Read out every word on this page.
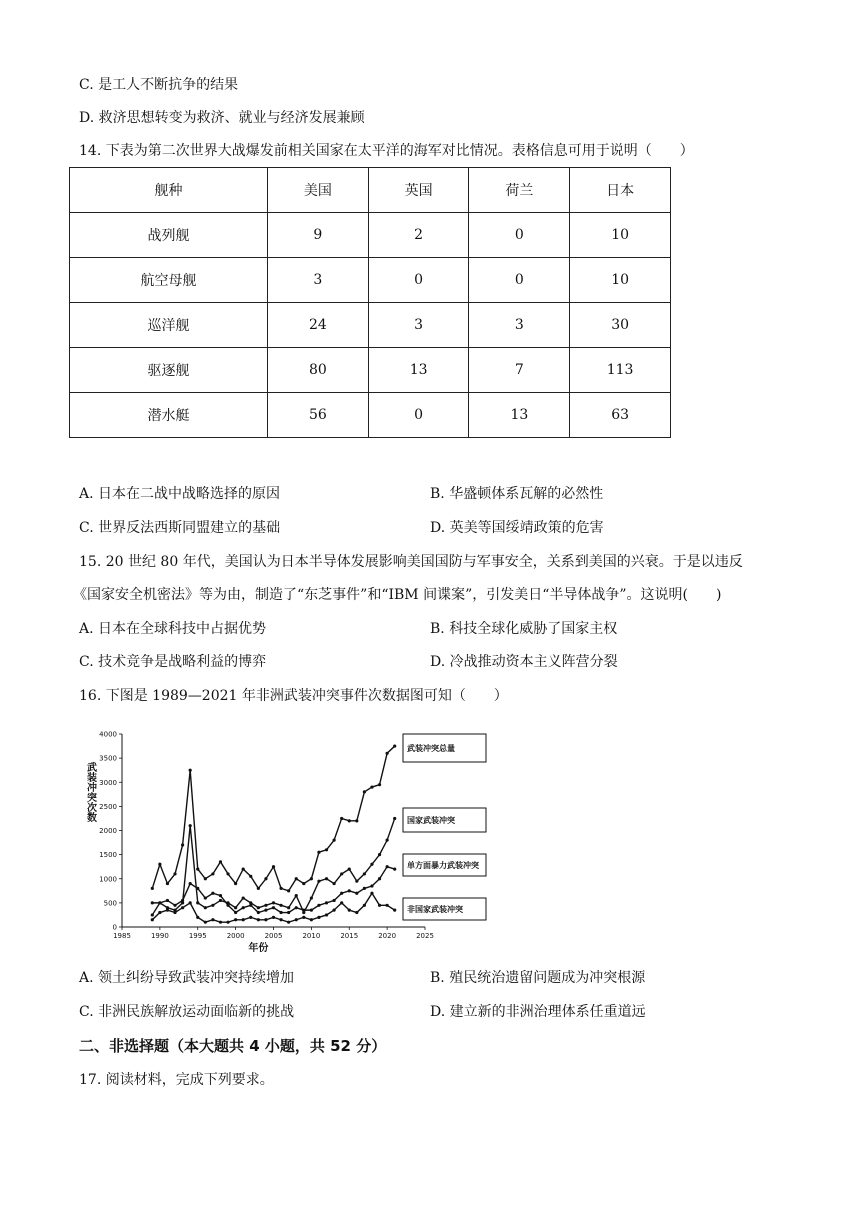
C. 是工人不断抗争的结果
D. 救济思想转变为救济、就业与经济发展兼顾
14. 下表为第二次世界大战爆发前相关国家在太平洋的海军对比情况。表格信息可用于说明（　　）
舰种	美国	英国	荷兰	日本
战列舰	9	2	0	10
航空母舰	3	0	0	10
巡洋舰	24	3	3	30
驱逐舰	80	13	7	113
潜水艇	56	0	13	63
A. 日本在二战中战略选择的原因	B. 华盛顿体系瓦解的必然性
C. 世界反法西斯同盟建立的基础	D. 英美等国绥靖政策的危害
15. 20 世纪 80 年代，美国认为日本半导体发展影响美国国防与军事安全，关系到美国的兴衰。于是以违反
《国家安全机密法》等为由，制造了“东芝事件”和“IBM 间谍案”，引发美日“半导体战争”。这说明(　　)
A. 日本在全球科技中占据优势	B. 科技全球化威胁了国家主权
C. 技术竞争是战略利益的博弈	D. 冷战推动资本主义阵营分裂
16. 下图是 1989—2021 年非洲武装冲突事件次数据图可知（　　）
0
500
1000
1500
2000
2500
3000
3500
4000
1985	1990	1995	2000	2005	2010	2015	2020	2025
年份
武装冲突次数
武装冲突总量
国家武装冲突
单方面暴力武装冲突
非国家武装冲突
A. 领土纠纷导致武装冲突持续增加	B. 殖民统治遗留问题成为冲突根源
C. 非洲民族解放运动面临新的挑战	D. 建立新的非洲治理体系任重道远
二、非选择题（本大题共 4 小题，共 52 分）
17. 阅读材料，完成下列要求。
